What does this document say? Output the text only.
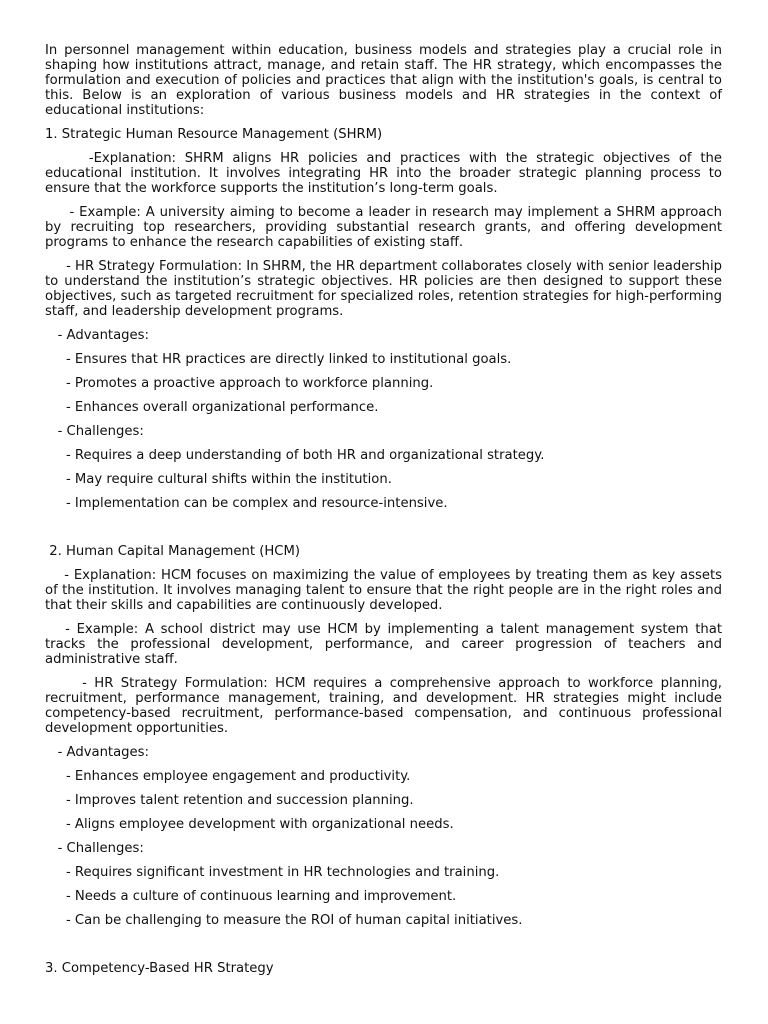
In personnel management within education, business models and strategies play a crucial role in shaping how institutions attract, manage, and retain staff. The HR strategy, which encompasses the formulation and execution of policies and practices that align with the institution's goals, is central to this. Below is an exploration of various business models and HR strategies in the context of educational institutions:

1. Strategic Human Resource Management (SHRM)

-Explanation: SHRM aligns HR policies and practices with the strategic objectives of the educational institution. It involves integrating HR into the broader strategic planning process to ensure that the workforce supports the institution’s long-term goals.

- Example: A university aiming to become a leader in research may implement a SHRM approach by recruiting top researchers, providing substantial research grants, and offering development programs to enhance the research capabilities of existing staff.

- HR Strategy Formulation: In SHRM, the HR department collaborates closely with senior leadership to understand the institution’s strategic objectives. HR policies are then designed to support these objectives, such as targeted recruitment for specialized roles, retention strategies for high-performing staff, and leadership development programs.

- Advantages:

- Ensures that HR practices are directly linked to institutional goals.

- Promotes a proactive approach to workforce planning.

- Enhances overall organizational performance.

- Challenges:

- Requires a deep understanding of both HR and organizational strategy.

- May require cultural shifts within the institution.

- Implementation can be complex and resource-intensive.

2. Human Capital Management (HCM)

- Explanation: HCM focuses on maximizing the value of employees by treating them as key assets of the institution. It involves managing talent to ensure that the right people are in the right roles and that their skills and capabilities are continuously developed.

- Example: A school district may use HCM by implementing a talent management system that tracks the professional development, performance, and career progression of teachers and administrative staff.

- HR Strategy Formulation: HCM requires a comprehensive approach to workforce planning, recruitment, performance management, training, and development. HR strategies might include competency-based recruitment, performance-based compensation, and continuous professional development opportunities.

- Advantages:

- Enhances employee engagement and productivity.

- Improves talent retention and succession planning.

- Aligns employee development with organizational needs.

- Challenges:

- Requires significant investment in HR technologies and training.

- Needs a culture of continuous learning and improvement.

- Can be challenging to measure the ROI of human capital initiatives.

3. Competency-Based HR Strategy
